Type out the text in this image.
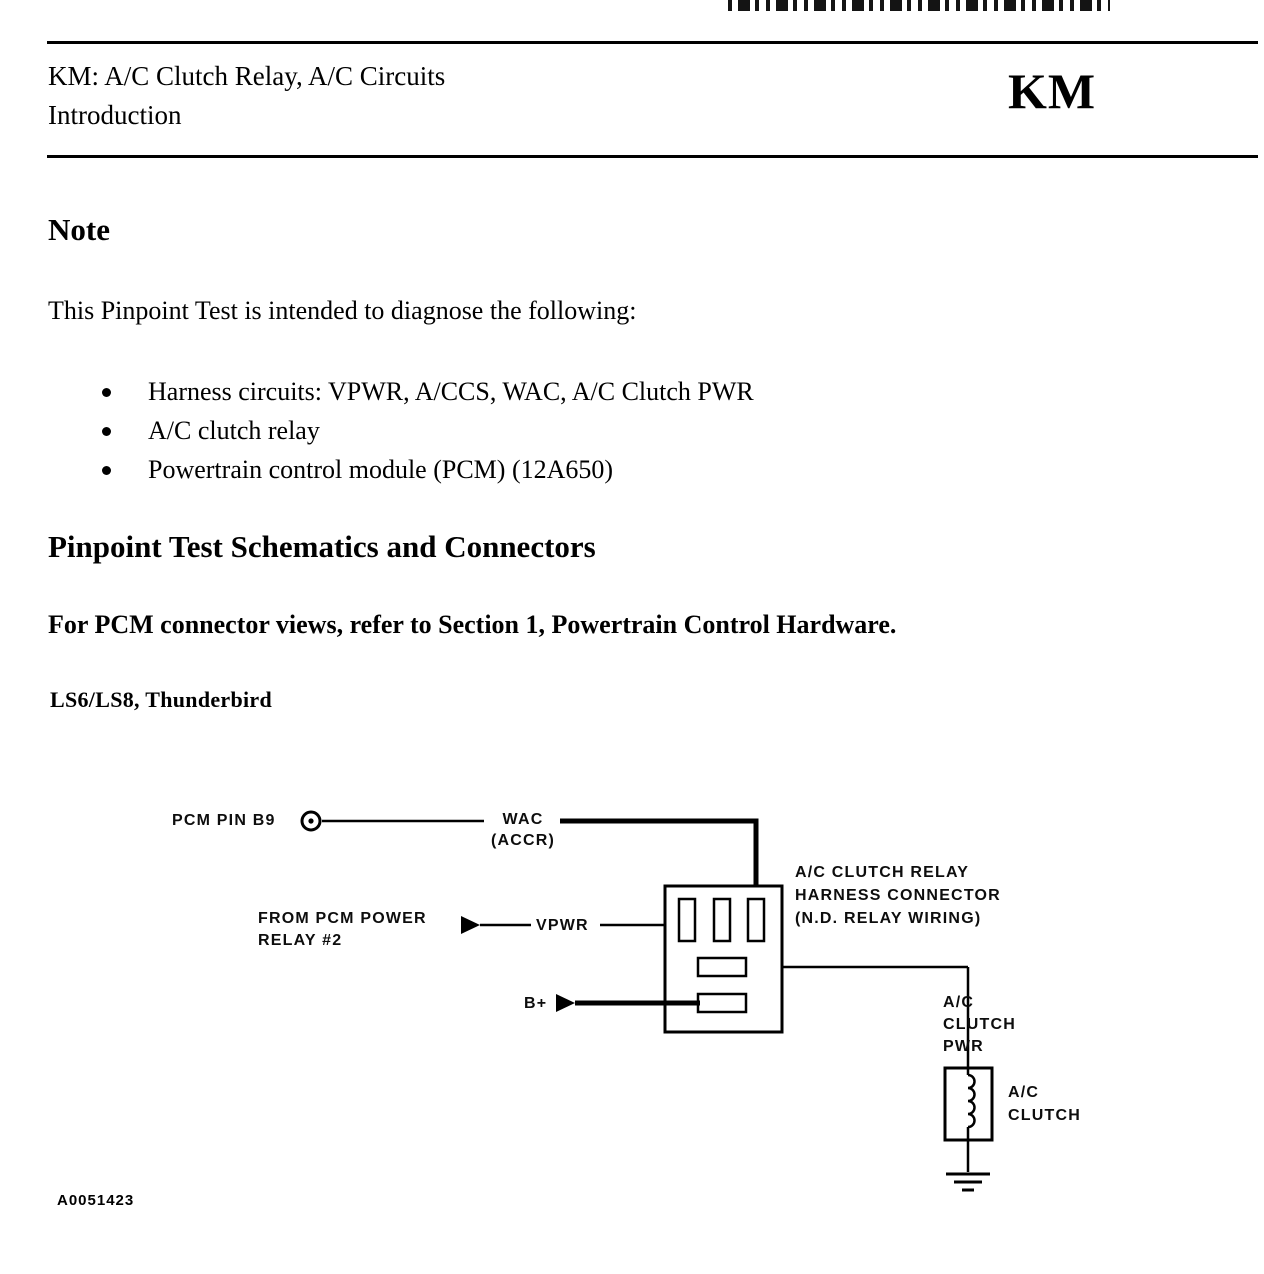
KM: A/C Clutch Relay, A/C Circuits
Introduction	KM
Note
This Pinpoint Test is intended to diagnose the following:
Harness circuits: VPWR, A/CCS, WAC, A/C Clutch PWR
A/C clutch relay
Powertrain control module (PCM) (12A650)
Pinpoint Test Schematics and Connectors
For PCM connector views, refer to Section 1, Powertrain Control Hardware.
LS6/LS8, Thunderbird
PCM PIN B9	WAC
(ACCR)
FROM PCM POWER
RELAY #2
VPWR
B+
A/C CLUTCH RELAY
HARNESS CONNECTOR
(N.D. RELAY WIRING)
A/C
CLUTCH
PWR
A/C
CLUTCH
A0051423
